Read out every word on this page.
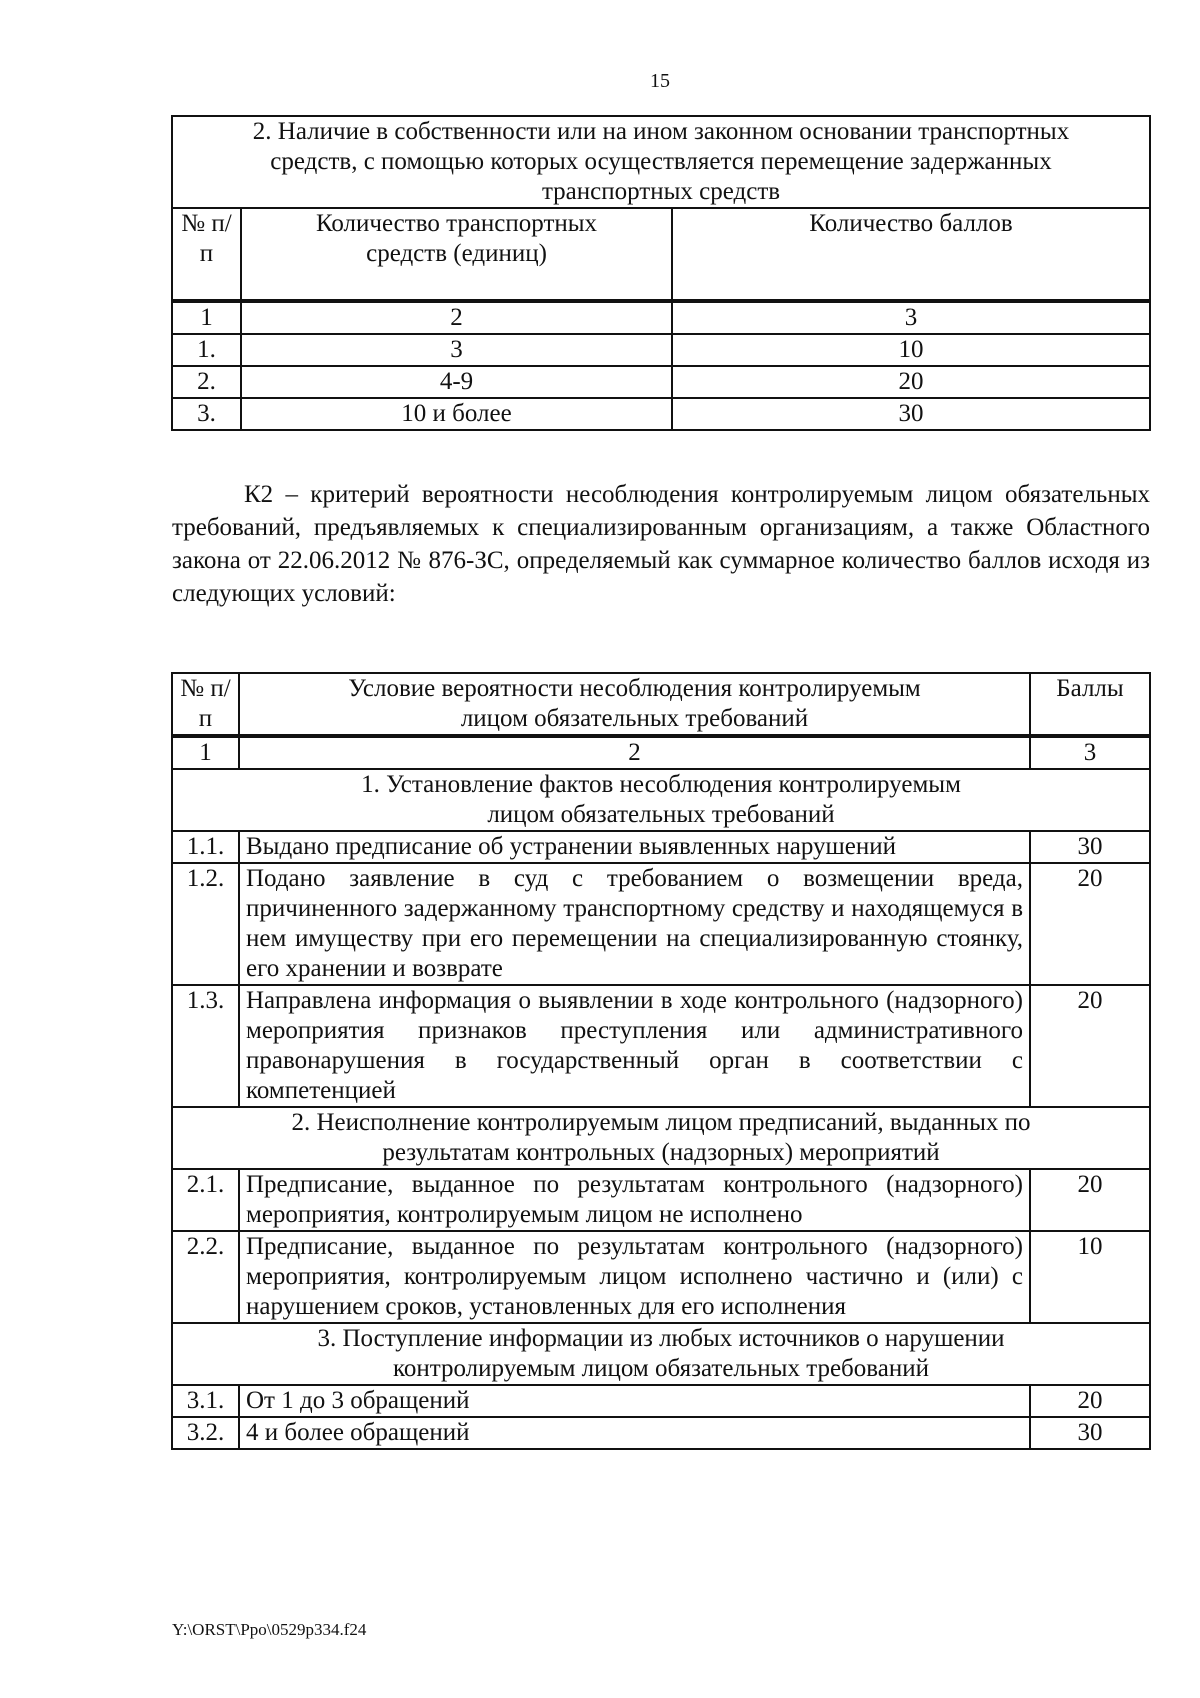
15
2. Наличие в собственности или на ином законном основании транспортных средств, с помощью которых осуществляется перемещение задержанных транспортных средств		
№ п/п	Количество транспортных средств (единиц)	Количество баллов
1	2	3
1.	3	10
2.	4-9	20
3.	10 и более	30
К2 – критерий вероятности несоблюдения контролируемым лицом обязательных требований, предъявляемых к специализированным организациям, а также Областного закона от 22.06.2012 № 876-ЗС, определяемый как суммарное количество баллов исходя из следующих условий:
№ п/п	Условие вероятности несоблюдения контролируемым лицом обязательных требований	Баллы
1	2	3
1. Установление фактов несоблюдения контролируемым лицом обязательных требований		
1.1.	Выдано предписание об устранении выявленных нарушений	30
1.2.	Подано заявление в суд с требованием о возмещении вреда, причиненного задержанному транспортному средству и находящемуся в нем имуществу при его перемещении на специализированную стоянку, его хранении и возврате	20
1.3.	Направлена информация о выявлении в ходе контрольного (надзорного) мероприятия признаков преступления или административного правонарушения в государственный орган в соответствии с компетенцией	20
2. Неисполнение контролируемым лицом предписаний, выданных по результатам контрольных (надзорных) мероприятий		
2.1.	Предписание, выданное по результатам контрольного (надзорного) мероприятия, контролируемым лицом не исполнено	20
2.2.	Предписание, выданное по результатам контрольного (надзорного) мероприятия, контролируемым лицом исполнено частично и (или) с нарушением сроков, установленных для его исполнения	10
3. Поступление информации из любых источников о нарушении контролируемым лицом обязательных требований		
3.1.	От 1 до 3 обращений	20
3.2.	4 и более обращений	30
Y:\ORST\Ppo\0529p334.f24
